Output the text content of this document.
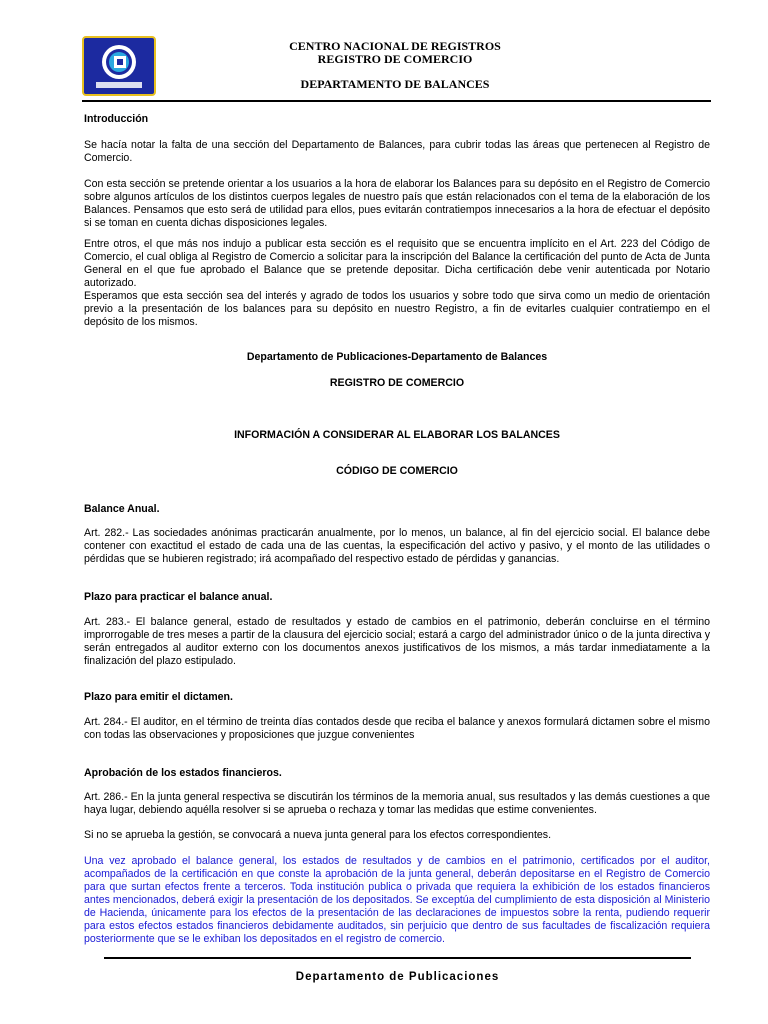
CENTRO NACIONAL DE REGISTROS
REGISTRO DE COMERCIO
DEPARTAMENTO DE BALANCES
Introducción
Se hacía notar la falta de una sección del Departamento de Balances, para cubrir todas las áreas que pertenecen al Registro de Comercio.
Con esta sección se pretende orientar a los usuarios a la hora de elaborar los Balances para su depósito en el Registro de Comercio sobre algunos artículos de los distintos cuerpos legales de nuestro país que están relacionados con el tema de la elaboración de los Balances. Pensamos que esto será de utilidad para ellos, pues evitarán contratiempos innecesarios a la hora de efectuar el depósito si se toman en cuenta dichas disposiciones legales.
Entre otros, el que más nos indujo a publicar esta sección es el requisito que se encuentra implícito en el Art. 223 del Código de Comercio, el cual obliga al Registro de Comercio a solicitar para la inscripción del Balance la certificación del punto de Acta de Junta General en el que fue aprobado el Balance que se pretende depositar. Dicha certificación debe venir autenticada por Notario autorizado.
Esperamos que esta sección sea del interés y agrado de todos los usuarios y sobre todo que sirva como un medio de orientación previo a la presentación de los balances para su depósito en nuestro Registro, a fin de evitarles cualquier contratiempo en el depósito de los mismos.
Departamento de Publicaciones-Departamento de Balances
REGISTRO DE COMERCIO
INFORMACIÓN A CONSIDERAR AL ELABORAR LOS BALANCES
CÓDIGO DE COMERCIO
Balance Anual.
Art. 282.- Las sociedades anónimas practicarán anualmente, por lo menos, un balance, al fin del ejercicio social. El balance debe contener con exactitud el estado de cada una de las cuentas, la especificación del activo y pasivo, y el monto de las utilidades o pérdidas que se hubieren registrado; irá acompañado del respectivo estado de pérdidas y ganancias.
Plazo para practicar el balance anual.
Art. 283.- El balance general, estado de resultados y estado de cambios en el patrimonio, deberán concluirse en el término improrrogable de tres meses a partir de la clausura del ejercicio social; estará a cargo del administrador único o de la junta directiva y serán entregados al auditor externo con los documentos anexos justificativos de los mismos, a más tardar inmediatamente a la finalización del plazo estipulado.
Plazo para emitir el dictamen.
Art. 284.- El auditor, en el término de treinta días contados desde que reciba el balance y anexos formulará dictamen sobre el mismo con todas las observaciones y proposiciones que juzgue convenientes
Aprobación de los estados financieros.
Art. 286.- En la junta general respectiva se discutirán los términos de la memoria anual, sus resultados y las demás cuestiones a que haya lugar, debiendo aquélla resolver si se aprueba o rechaza y tomar las medidas que estime convenientes.
Si no se aprueba la gestión, se convocará a nueva junta general para los efectos correspondientes.
Una vez aprobado el balance general, los estados de resultados y de cambios en el patrimonio, certificados por el auditor, acompañados de la certificación en que conste la aprobación de la junta general, deberán depositarse en el Registro de Comercio para que surtan efectos frente a terceros. Toda institución publica o privada que requiera la exhibición de los estados financieros antes mencionados, deberá exigir la presentación de los depositados. Se exceptúa del cumplimiento de esta disposición al Ministerio de Hacienda, únicamente para los efectos de la presentación de las declaraciones de impuestos sobre la renta, pudiendo requerir para estos efectos estados financieros debidamente auditados, sin perjuicio que dentro de sus facultades de fiscalización requiera posteriormente que se le exhiban los depositados en el registro de comercio.
Departamento de Publicaciones
